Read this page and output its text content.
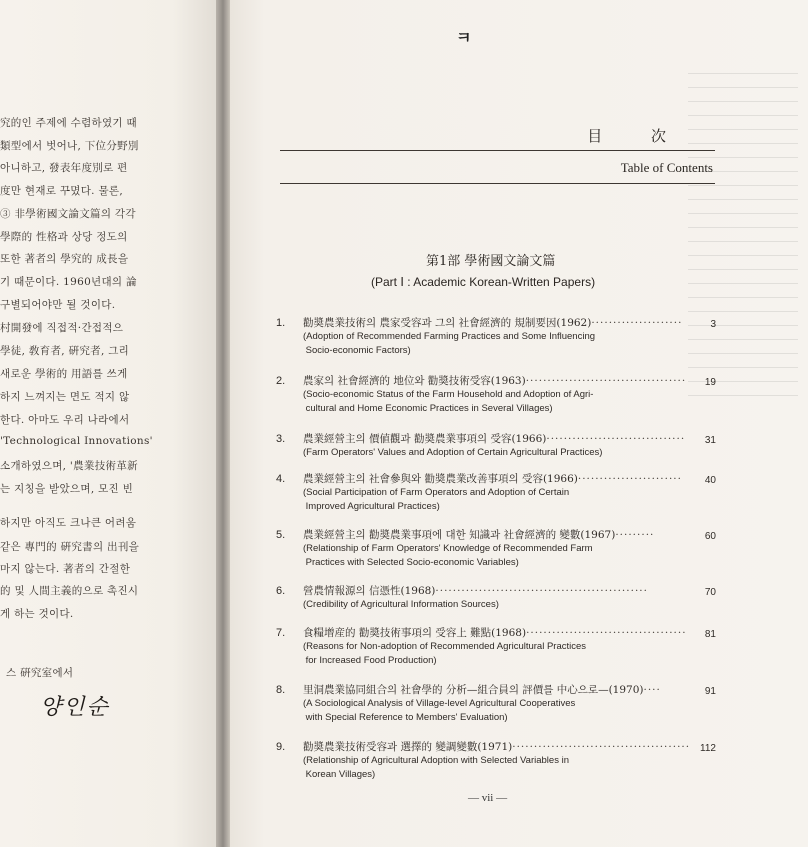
究的인 주제에 수렴하였기 때
類型에서 벗어나, 下位分野別
아니하고, 發表年度別로 편
度만 현재로 꾸몄다. 물론,
③ 非學術國文論文篇의 각각
學際的 性格과 상당 정도의
또한 著者의 學究的 成長을
기 때문이다. 1960년대의 論
구별되어야만 될 것이다.
村開發에 직접적·간접적으
學徒, 敎育者, 硏究者, 그리
새로운 學術的 用語를 쓰게
하지 느껴지는 면도 적지 않
한다. 아마도 우리 나라에서
'Technological Innovations'
소개하였으며, '農業技術革新
는 지칭을 받았으며, 모진 빈
하지만 아직도 크나큰 어려움
같은 專門的 硏究書의 出刊을
마지 않는다. 著者의 간절한
的 및 人間主義的으로 촉진시
게 하는 것이다.
스 硏究室에서
양인순
ㅋ
目 次
Table of Contents
第1部 學術國文論文篇
(Part Ⅰ : Academic Korean-Written Papers)
1. 勸奬農業技術의 農家受容과 그의 社會經濟的 規制要因(1962)·····················	3
(Adoption of Recommended Farming Practices and Some Influencing
Socio-economic Factors)
2. 農家의 社會經濟的 地位와 勸奬技術受容(1963)····································· 19
(Socio-economic Status of the Farm Household and Adoption of Agri-
cultural and Home Economic Practices in Several Villages)
3. 農業經營主의 價値觀과 勸奬農業事項의 受容(1966)································ 31
(Farm Operators' Values and Adoption of Certain Agricultural Practices)
4. 農業經營主의 社會參與와 勸奬農業改善事項의 受容(1966)························ 40
(Social Participation of Farm Operators and Adoption of Certain
Improved Agricultural Practices)
5. 農業經營主의 勸奬農業事項에 대한 知識과 社會經濟的 變數(1967)·········	60
(Relationship of Farm Operators' Knowledge of Recommended Farm
Practices with Selected Socio-economic Variables)
6. 營農情報源의 信憑性(1968)·················································	70
(Credibility of Agricultural Information Sources)
7. 食糧增産的 勸奬技術事項의 受容上 難點(1968)····································· 81
(Reasons for Non-adoption of Recommended Agricultural Practices
for Increased Food Production)
8. 里洞農業協同組合의 社會學的 分析—組合員의 評價를 中心으로—(1970)····	91
(A Sociological Analysis of Village-level Agricultural Cooperatives
with Special Reference to Members' Evaluation)
9. 勸奬農業技術受容과 選擇的 變調變數(1971)········································· 112
(Relationship of Agricultural Adoption with Selected Variables in
Korean Villages)
— vii —
